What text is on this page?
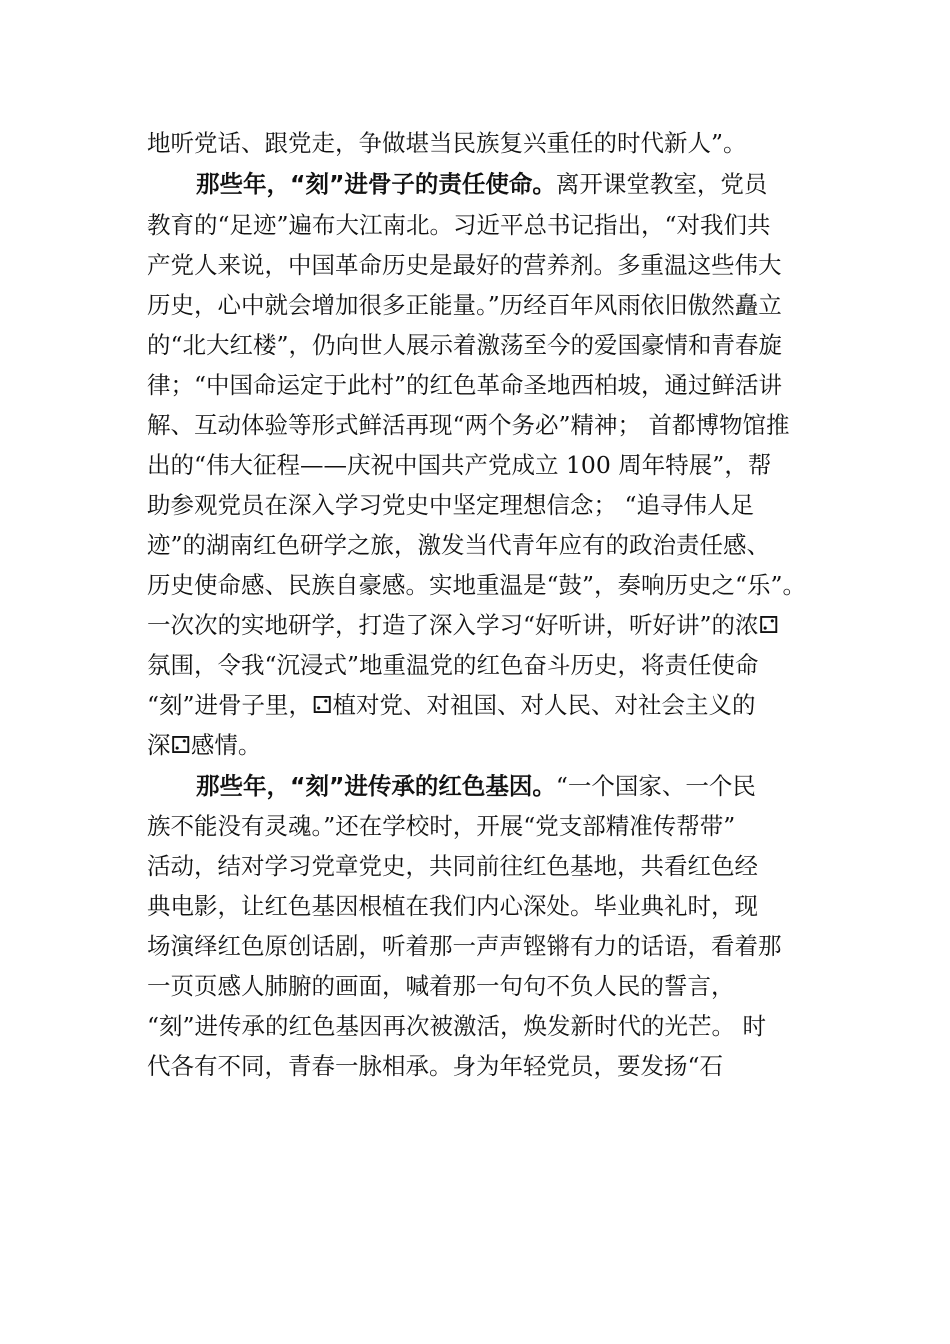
地听党话、跟党走，争做堪当民族复兴重任的时代新人”。
那些年，“刻”进骨子的责任使命。离开课堂教室，党员
教育的“足迹”遍布大江南北。习近平总书记指出，“对我们共
产党人来说，中国革命历史是最好的营养剂。多重温这些伟大
历史，心中就会增加很多正能量。”历经百年风雨依旧傲然矗立
的“北大红楼”，仍向世人展示着激荡至今的爱国豪情和青春旋
律；“中国命运定于此村”的红色革命圣地西柏坡，通过鲜活讲
解、互动体验等形式鲜活再现“两个务必”精神； 首都博物馆推
出的“伟大征程——庆祝中国共产党成立 100 周年特展”，帮
助参观党员在深入学习党史中坚定理想信念； “追寻伟人足
迹”的湖南红色研学之旅，激发当代青年应有的政治责任感、
历史使命感、民族自豪感。实地重温是“鼓”，奏响历史之“乐”。
一次次的实地研学，打造了深入学习“好听讲，听好讲”的浓⚁
氛围，令我“沉浸式”地重温党的红色奋斗历史，将责任使命
“刻”进骨子里，⚁植对党、对祖国、对人民、对社会主义的
深⚁感情。
那些年，“刻”进传承的红色基因。“一个国家、一个民
族不能没有灵魂。”还在学校时，开展“党支部精准传帮带”
活动，结对学习党章党史，共同前往红色基地，共看红色经
典电影，让红色基因根植在我们内心深处。毕业典礼时，现
场演绎红色原创话剧，听着那一声声铿锵有力的话语，看着那
一页页感人肺腑的画面，喊着那一句句不负人民的誓言，
“刻”进传承的红色基因再次被激活，焕发新时代的光芒。 时
代各有不同，青春一脉相承。身为年轻党员，要发扬“石
